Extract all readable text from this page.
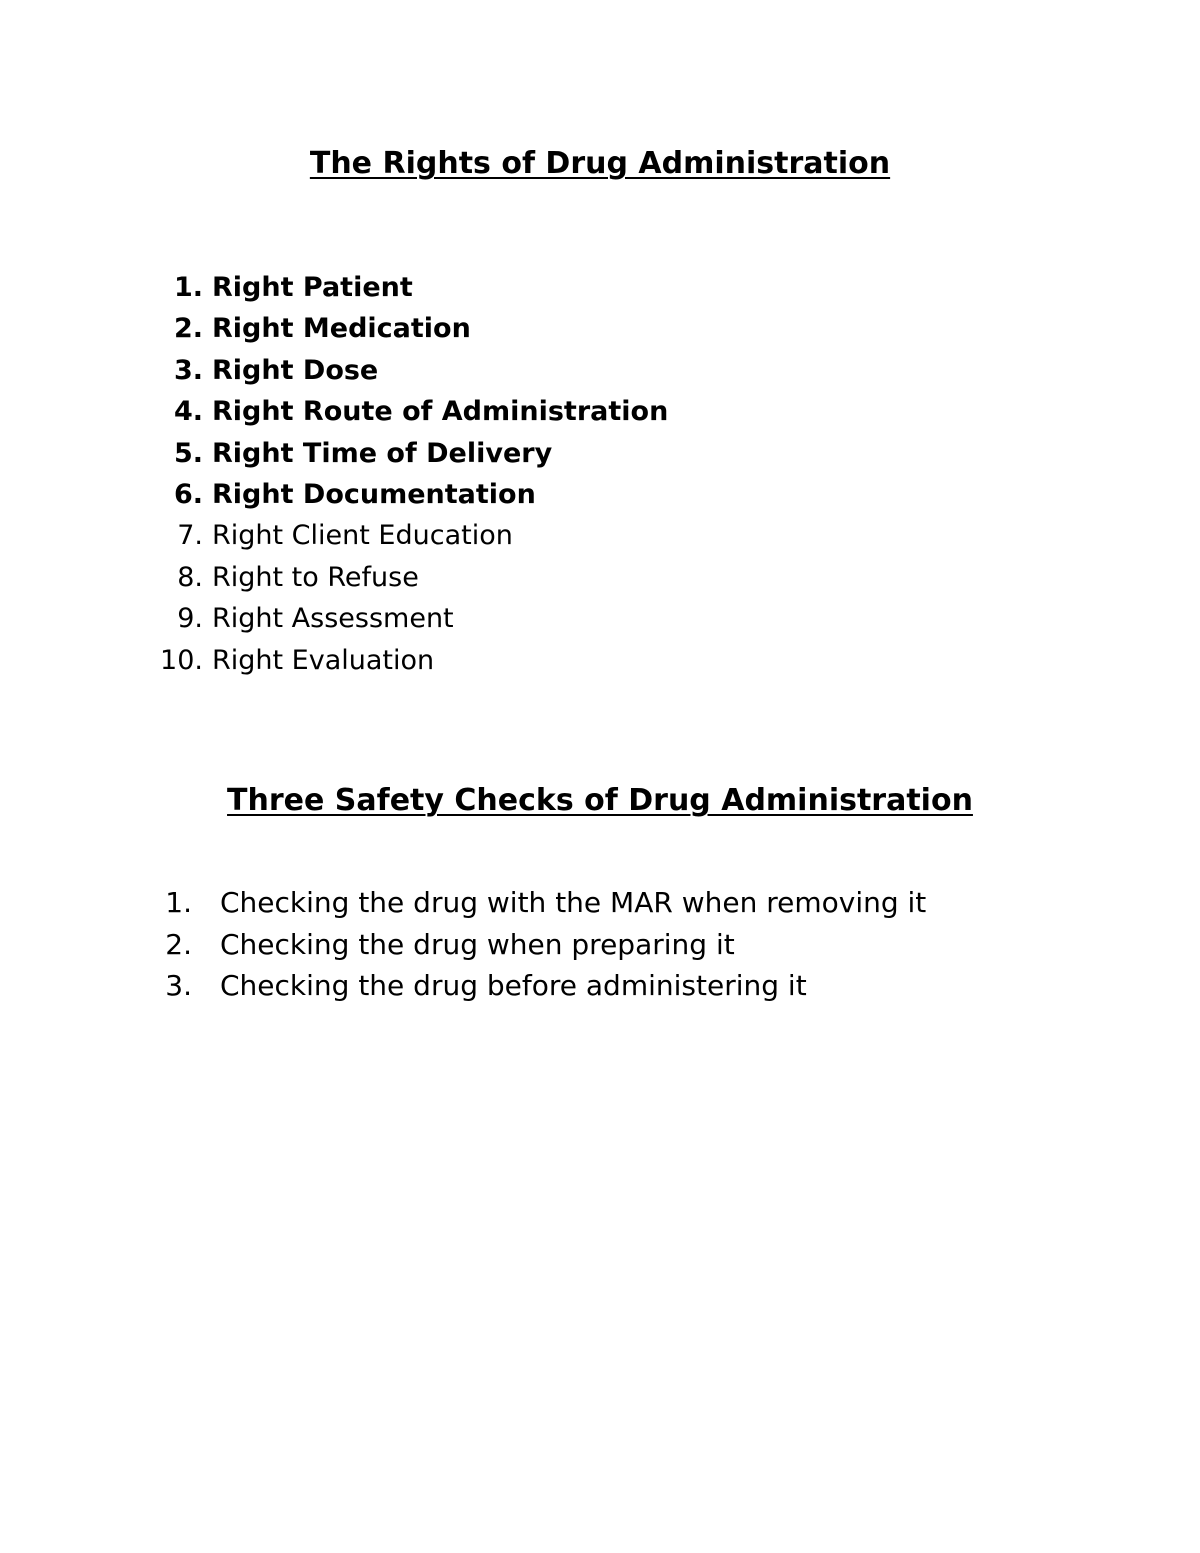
The Rights of Drug Administration
1. Right Patient
2. Right Medication
3. Right Dose
4. Right Route of Administration
5. Right Time of Delivery
6. Right Documentation
7. Right Client Education
8. Right to Refuse
9. Right Assessment
10. Right Evaluation
Three Safety Checks of Drug Administration
1. Checking the drug with the MAR when removing it
2. Checking the drug when preparing it
3. Checking the drug before administering it
